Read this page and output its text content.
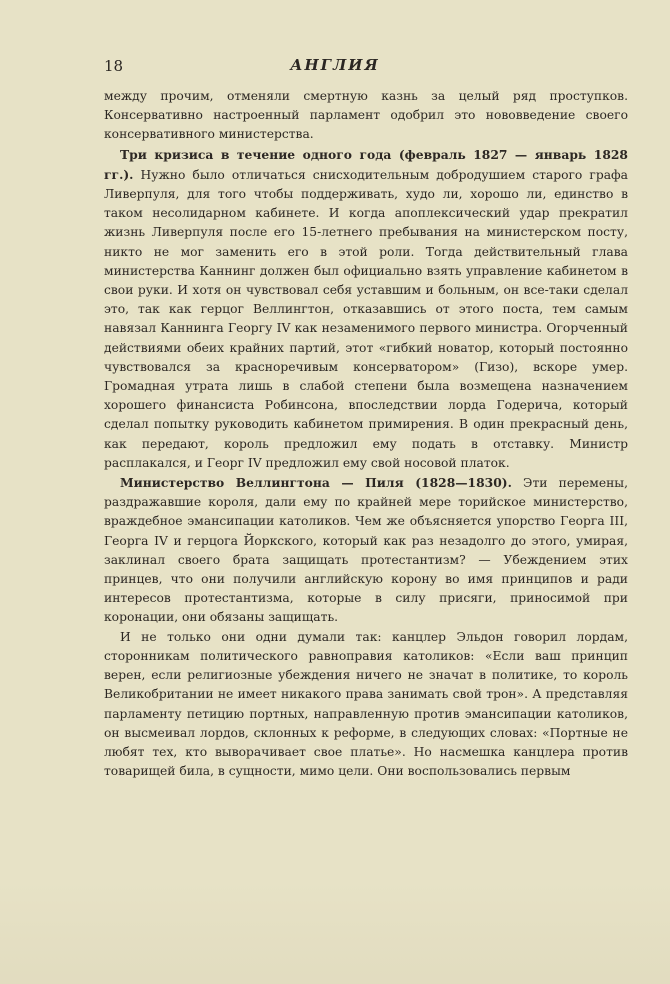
18	АНГЛИЯ

между прочим, отменяли смертную казнь за целый ряд проступков. Консервативно настроенный парламент одобрил это нововведение своего консервативного министерства.

Три кризиса в течение одного года (февраль 1827 — январь 1828 гг.). Нужно было отличаться снисходительным добродушием старого графа Ливерпуля, для того чтобы поддерживать, худо ли, хорошо ли, единство в таком несолидарном кабинете. И когда апоплексический удар прекратил жизнь Ливерпуля после его 15-летнего пребывания на министерском посту, никто не мог заменить его в этой роли. Тогда действительный глава министерства Каннинг должен был официально взять управление кабинетом в свои руки. И хотя он чувствовал себя уставшим и больным, он все-таки сделал это, так как герцог Веллингтон, отказавшись от этого поста, тем самым навязал Каннинга Георгу IV как незаменимого первого министра. Огорченный действиями обеих крайних партий, этот «гибкий новатор, который постоянно чувствовался за красноречивым консерватором» (Гизо), вскоре умер. Громадная утрата лишь в слабой степени была возмещена назначением хорошего финансиста Робинсона, впоследствии лорда Годерича, который сделал попытку руководить кабинетом примирения. В один прекрасный день, как передают, король предложил ему подать в отставку. Министр расплакался, и Георг IV предложил ему свой носовой платок.

Министерство Веллингтона — Пиля (1828—1830). Эти перемены, раздражавшие короля, дали ему по крайней мере торийское министерство, враждебное эмансипации католиков. Чем же объясняется упорство Георга III, Георга IV и герцога Йоркского, который как раз незадолго до этого, умирая, заклинал своего брата защищать протестантизм? — Убеждением этих принцев, что они получили английскую корону во имя принципов и ради интересов протестантизма, которые в силу присяги, приносимой при коронации, они обязаны защищать.

И не только они одни думали так: канцлер Эльдон говорил лордам, сторонникам политического равноправия католиков: «Если ваш принцип верен, если религиозные убеждения ничего не значат в политике, то король Великобритании не имеет никакого права занимать свой трон». А представляя парламенту петицию портных, направленную против эмансипации католиков, он высмеивал лордов, склонных к реформе, в следующих словах: «Портные не любят тех, кто выворачивает свое платье». Но насмешка канцлера против товарищей била, в сущности, мимо цели. Они воспользовались первым
